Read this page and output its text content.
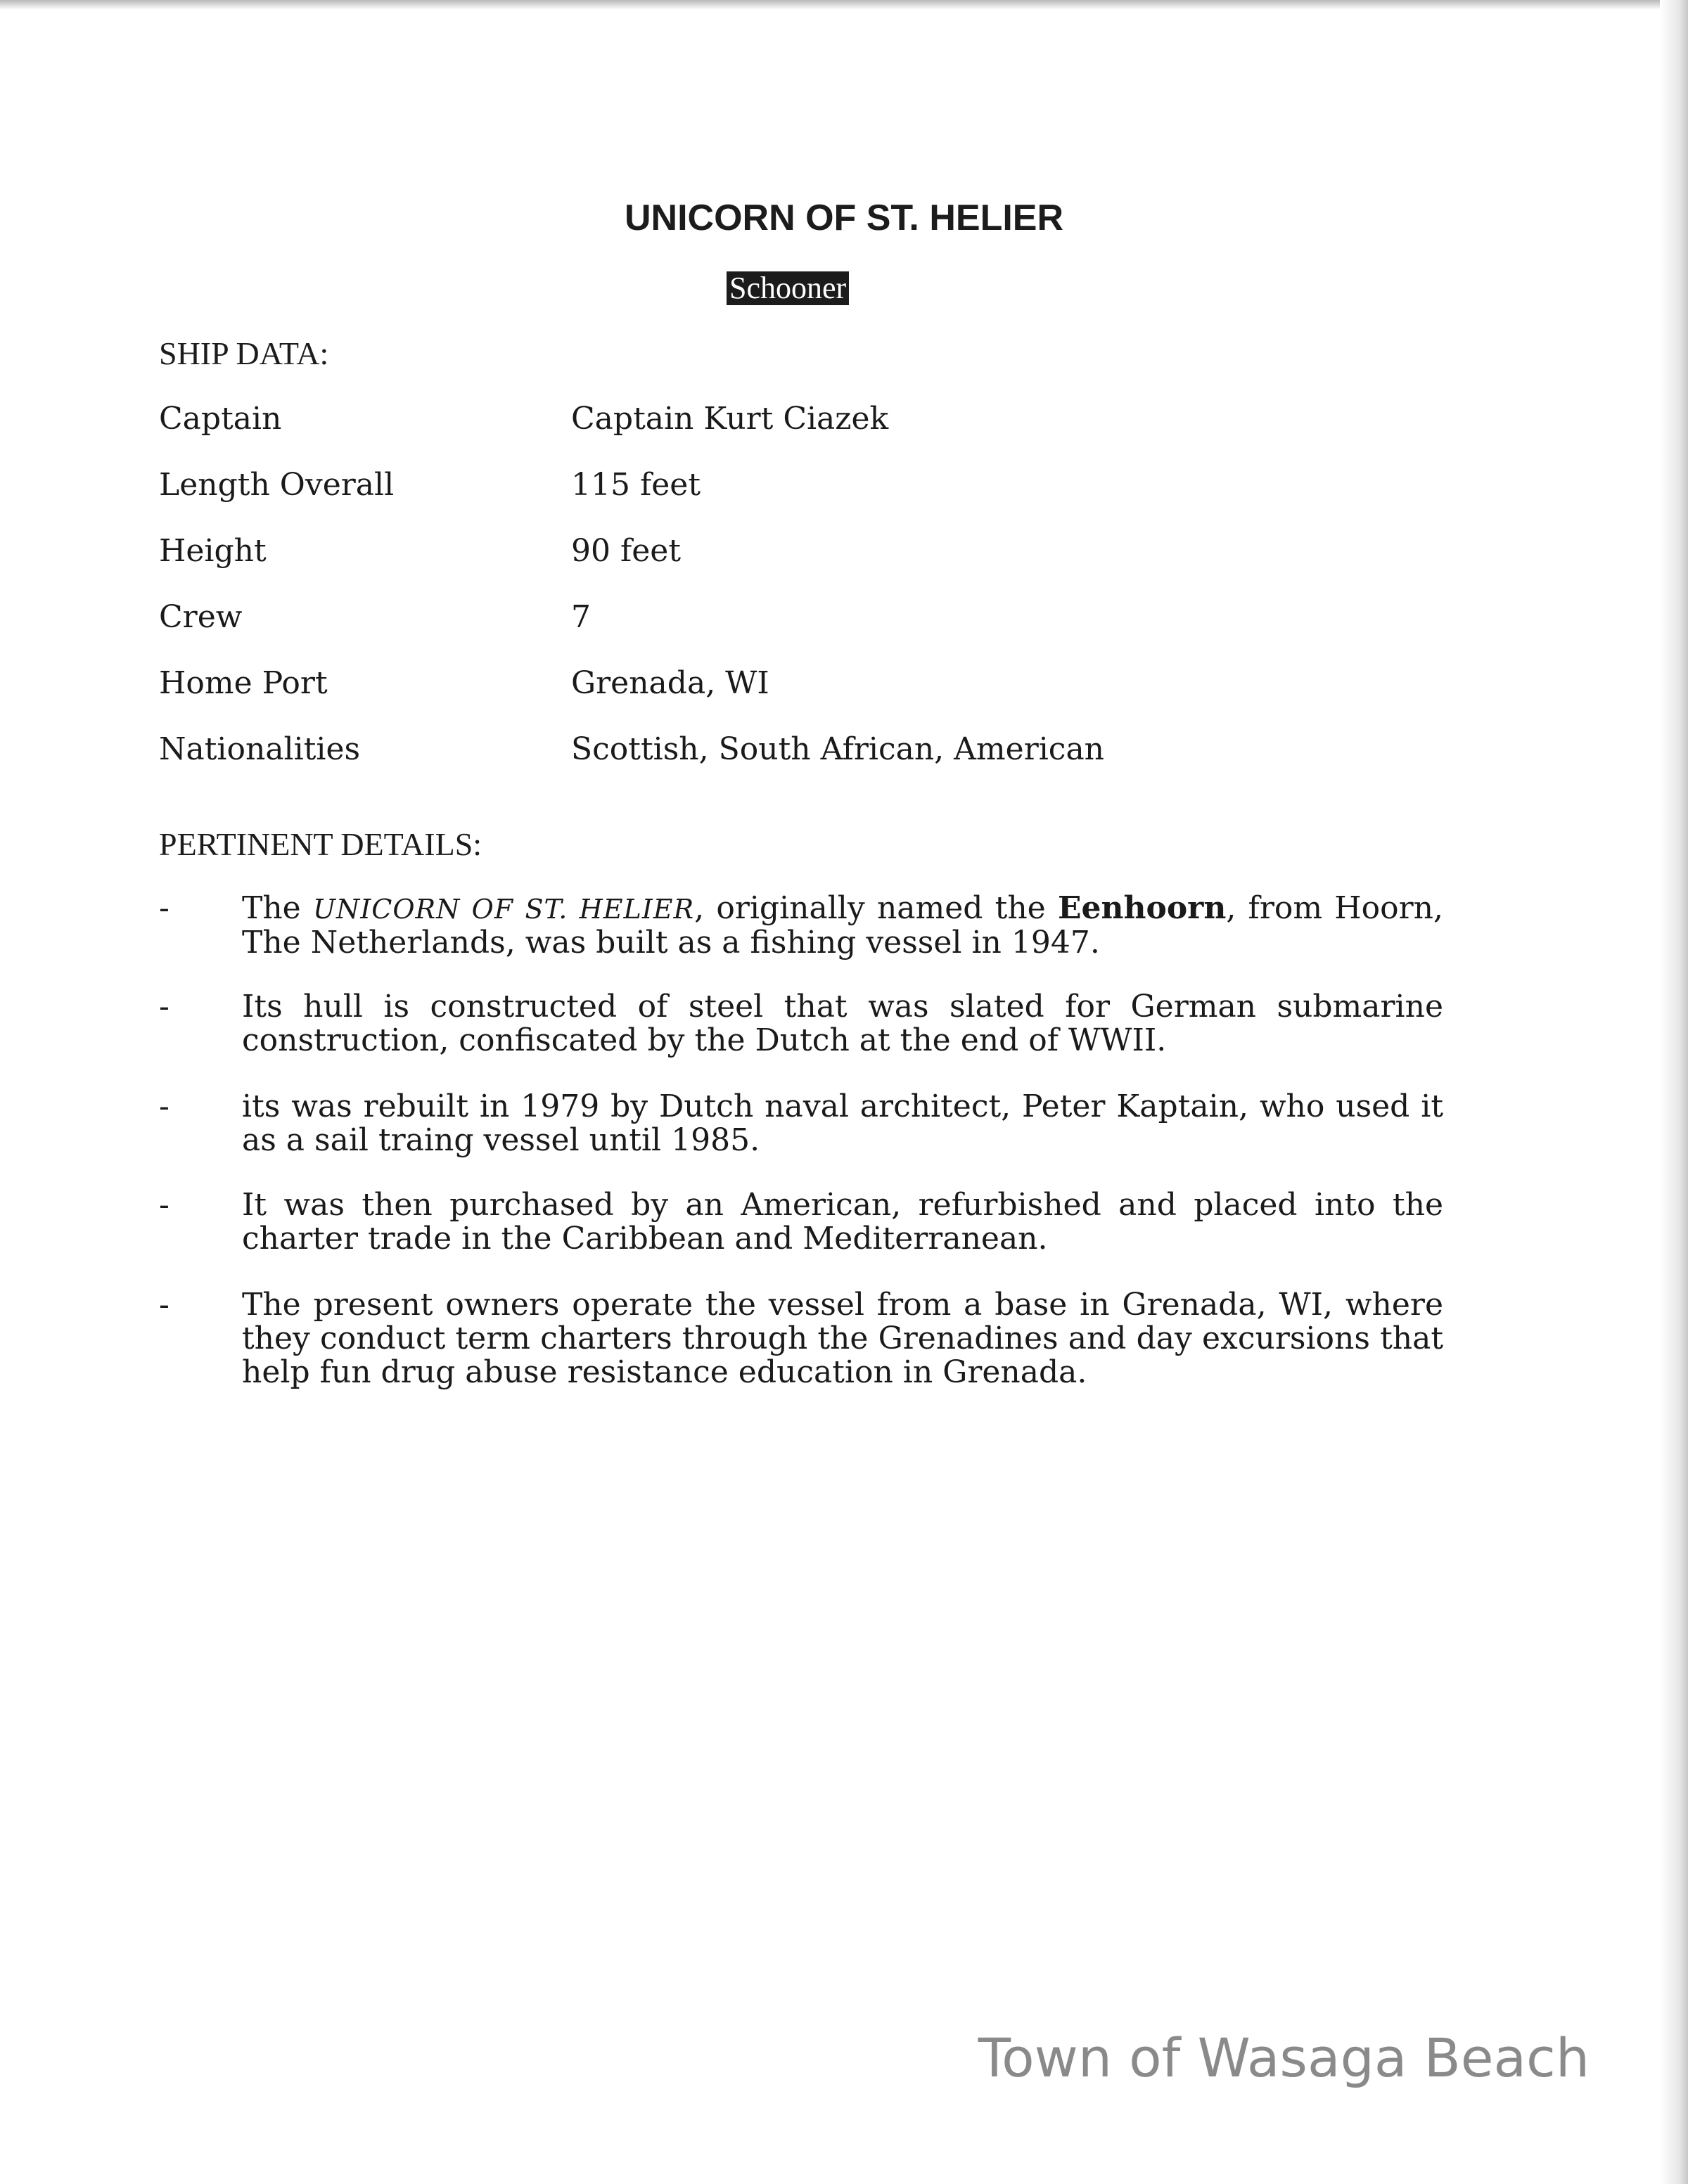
UNICORN OF ST. HELIER
Schooner
SHIP DATA:
Captain	Captain Kurt Ciazek
Length Overall	115 feet
Height	90 feet
Crew	7
Home Port	Grenada, WI
Nationalities	Scottish, South African, American
PERTINENT DETAILS:
- The UNICORN OF ST. HELIER, originally named the Eenhoorn, from Hoorn, The Netherlands, was built as a fishing vessel in 1947.
- Its hull is constructed of steel that was slated for German submarine construction, confiscated by the Dutch at the end of WWII.
- its was rebuilt in 1979 by Dutch naval architect, Peter Kaptain, who used it as a sail traing vessel until 1985.
- It was then purchased by an American, refurbished and placed into the charter trade in the Caribbean and Mediterranean.
- The present owners operate the vessel from a base in Grenada, WI, where they conduct term charters through the Grenadines and day excursions that help fun drug abuse resistance education in Grenada.
Town of Wasaga Beach
